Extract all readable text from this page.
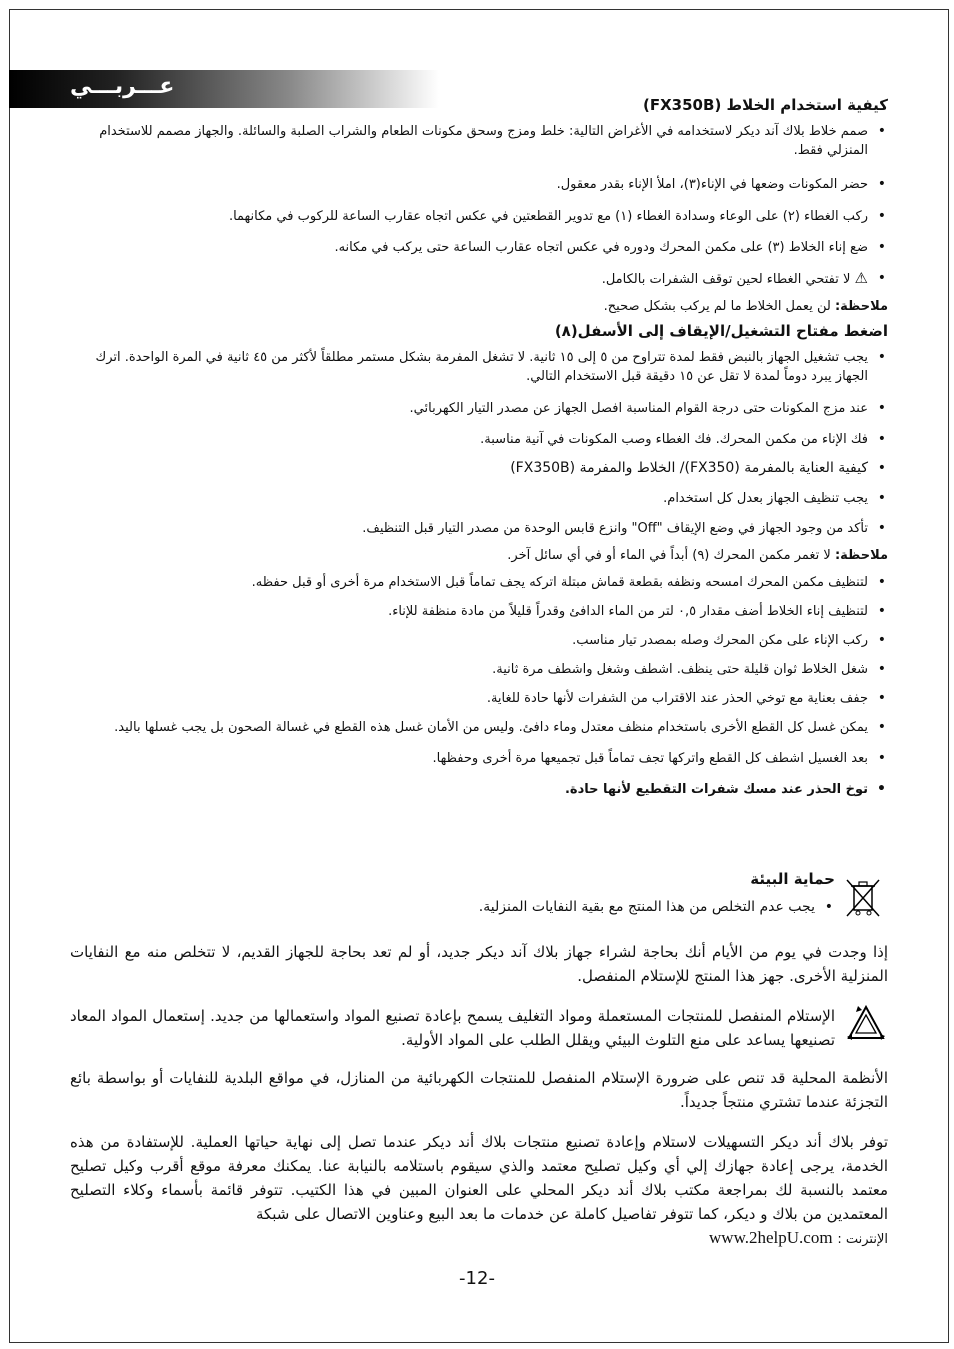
عـــربـــي
كيفية استخدام الخلاط (FX350B)
• صمم خلاط بلاك آند ديكر لاستخدامه في الأغراض التالية: خلط ومزج وسحق مكونات الطعام والشراب الصلبة والسائلة. والجهاز مصمم للاستخدام المنزلي فقط.
• حضر المكونات وضعها في الإناء(٣)، املأ الإناء بقدر معقول.
• ركب الغطاء (٢) على الوعاء وسدادة الغطاء (١) مع تدوير القطعتين في عكس اتجاه عقارب الساعة للركوب في مكانهما.
• ضع إناء الخلاط (٣) على مكمن المحرك ودوره في عكس اتجاه عقارب الساعة حتى يركب في مكانه.
• ⚠ لا تفتحي الغطاء لحين توقف الشفرات بالكامل.
ملاحظة: لن يعمل الخلاط ما لم يركب بشكل صحيح.
اضغط مفتاح التشغيل/الإيقاف إلى الأسفل(٨)
• يجب تشغيل الجهاز بالنبض فقط لمدة تتراوح من ٥ إلى ١٥ ثانية. لا تشغل المفرمة بشكل مستمر مطلقاً لأكثر من ٤٥ ثانية في المرة الواحدة. اترك الجهاز يبرد دوماً لمدة لا تقل عن ١٥ دقيقة قبل الاستخدام التالي.
• عند مزج المكونات حتى درجة القوام المناسبة افصل الجهاز عن مصدر التيار الكهربائي.
• فك الإناء من مكمن المحرك. فك الغطاء وصب المكونات في آنية مناسبة.
• كيفية العناية بالمفرمة (FX350)/ الخلاط والمفرمة (FX350B)
• يجب تنظيف الجهاز بعدل كل استخدام.
• تأكد من وجود الجهاز في وضع الإيقاف "Off" وانزع قابس الوحدة من مصدر التيار قبل التنظيف.
ملاحظة: لا تغمر مكمن المحرك (٩) أبداً في الماء أو في أي سائل آخر.
• لتنظيف مكمن المحرك امسحه ونظفه بقطعة قماش مبتلة اتركه يجف تماماً قبل الاستخدام مرة أخرى أو قبل حفظه.
• لتنظيف إناء الخلاط أضف مقدار ٠,٥ لتر من الماء الدافئ وقدراً قليلاً من مادة منظفة للإناء.
• ركب الإناء على مكن المحرك وصله بمصدر تيار مناسب.
• شغل الخلاط ثوان قليلة حتى ينظف. اشطف وشغل واشطف مرة ثانية.
• جفف بعناية مع توخي الحذر عند الاقتراب من الشفرات لأنها حادة للغاية.
• يمكن غسل كل القطع الأخرى باستخدام منظف معتدل وماء دافئ. وليس من الأمان غسل هذه القطع في غسالة الصحون بل يجب غسلها باليد.
• بعد الغسيل اشطف كل القطع واتركها تجف تماماً قبل تجميعها مرة أخرى وحفظها.
• توخ الحذر عند مسك شفرات التقطيع لأنها حادة.
حماية البيئة
• يجب عدم التخلص من هذا المنتج مع بقية النفايات المنزلية.
إذا وجدت في يوم من الأيام أنك بحاجة لشراء جهاز بلاك آند ديكر جديد، أو لم تعد بحاجة للجهاز القديم، لا تتخلص منه مع النفايات المنزلية الأخرى. جهز هذا المنتج للإستلام المنفصل.
الإستلام المنفصل للمنتجات المستعملة ومواد التغليف يسمح بإعادة تصنيع المواد واستعمالها من جديد. إستعمال المواد المعاد تصنيعها يساعد على منع التلوث البيئي ويقلل الطلب على المواد الأولية.
الأنظمة المحلية قد تنص على ضرورة الإستلام المنفصل للمنتجات الكهربائية من المنازل، في مواقع البلدية للنفايات أو بواسطة بائع التجزئة عندما تشتري منتجاً جديداً.
توفر بلاك أند ديكر التسهيلات لاستلام وإعادة تصنيع منتجات بلاك أند ديكر عندما تصل إلى نهاية حياتها العملية. للإستفادة من هذه الخدمة، يرجى إعادة جهازك إلي أي وكيل تصليح معتمد والذي سيقوم باستلامه بالنيابة عنا. يمكنك معرفة موقع أقرب وكيل تصليح معتمد بالنسبة لك بمراجعة مكتب بلاك أند ديكر المحلي على العنوان المبين في هذا الكتيب. تتوفر قائمة بأسماء وكلاء التصليح المعتمدين من بلاك و ديكر، كما تتوفر تفاصيل كاملة عن خدمات ما بعد البيع وعناوين الاتصال على شبكة
الإنترنت : www.2helpU.com
-12-
